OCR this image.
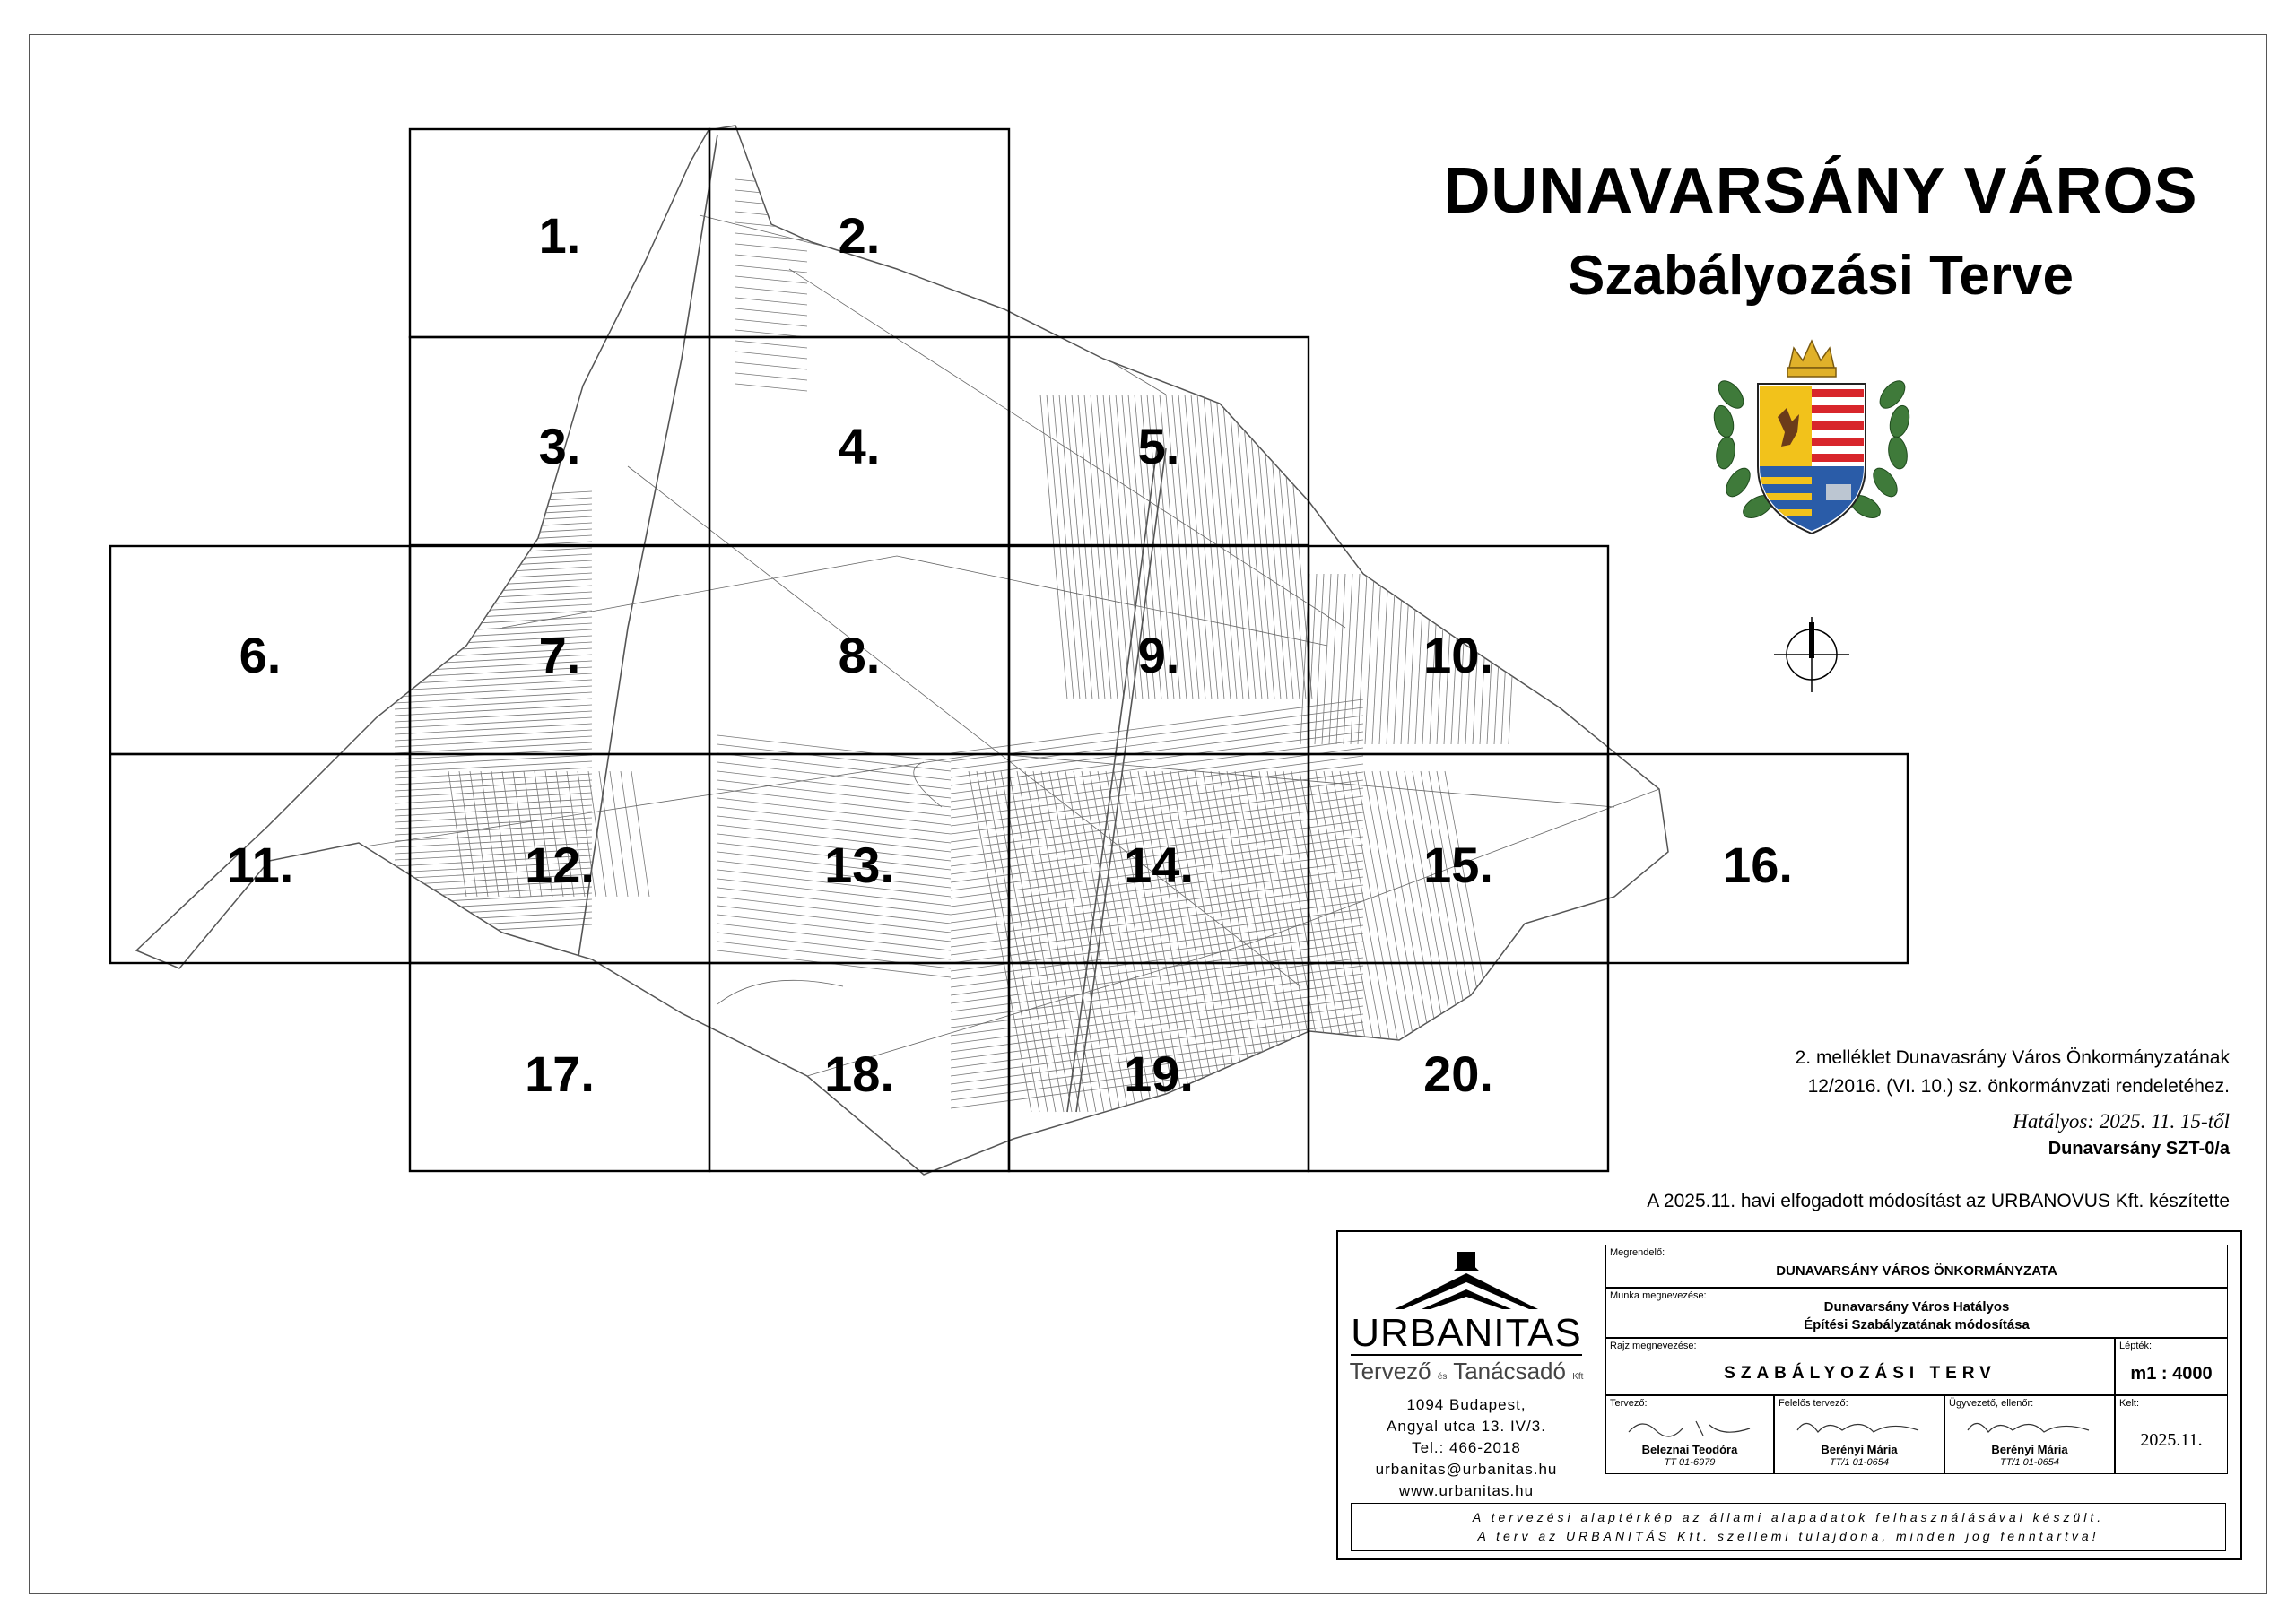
1.	2.
3.	4.	5.
6.	7.	8.	9.	10.
11.	12.	13.	14.	15.	16.
17.	18.	19.	20.
DUNAVARSÁNY VÁROS
Szabályozási Terve
2. melléklet Dunavasrány Város Önkormányzatának
12/2016. (VI. 10.) sz. önkormánvzati rendeletéhez.
Hatályos: 2025. 11. 15-től
Dunavarsány SZT-0/a
A 2025.11. havi elfogadott módosítást az URBANOVUS Kft. készítette
URBANITAS
Tervező és Tanácsadó Kft
1094 Budapest,
Angyal utca 13. IV/3.
Tel.: 466-2018
urbanitas@urbanitas.hu
www.urbanitas.hu
Megrendelő:
DUNAVARSÁNY VÁROS ÖNKORMÁNYZATA
Munka megnevezése:
Dunavarsány Város Hatályos
Építési Szabályzatának módosítása
Rajz megnevezése:
SZABÁLYOZÁSI TERV
Lépték:
m1 : 4000
Tervező:
Beleznai Teodóra
TT 01-6979
Felelős tervező:
Berényi Mária
TT/1 01-0654
Ügyvezető, ellenőr:
Berényi Mária
TT/1 01-0654
Kelt:
2025.11.
A tervezési alaptérkép az állami alapadatok felhasználásával készült.
A terv az URBANITÁS Kft. szellemi tulajdona, minden jog fenntartva!
